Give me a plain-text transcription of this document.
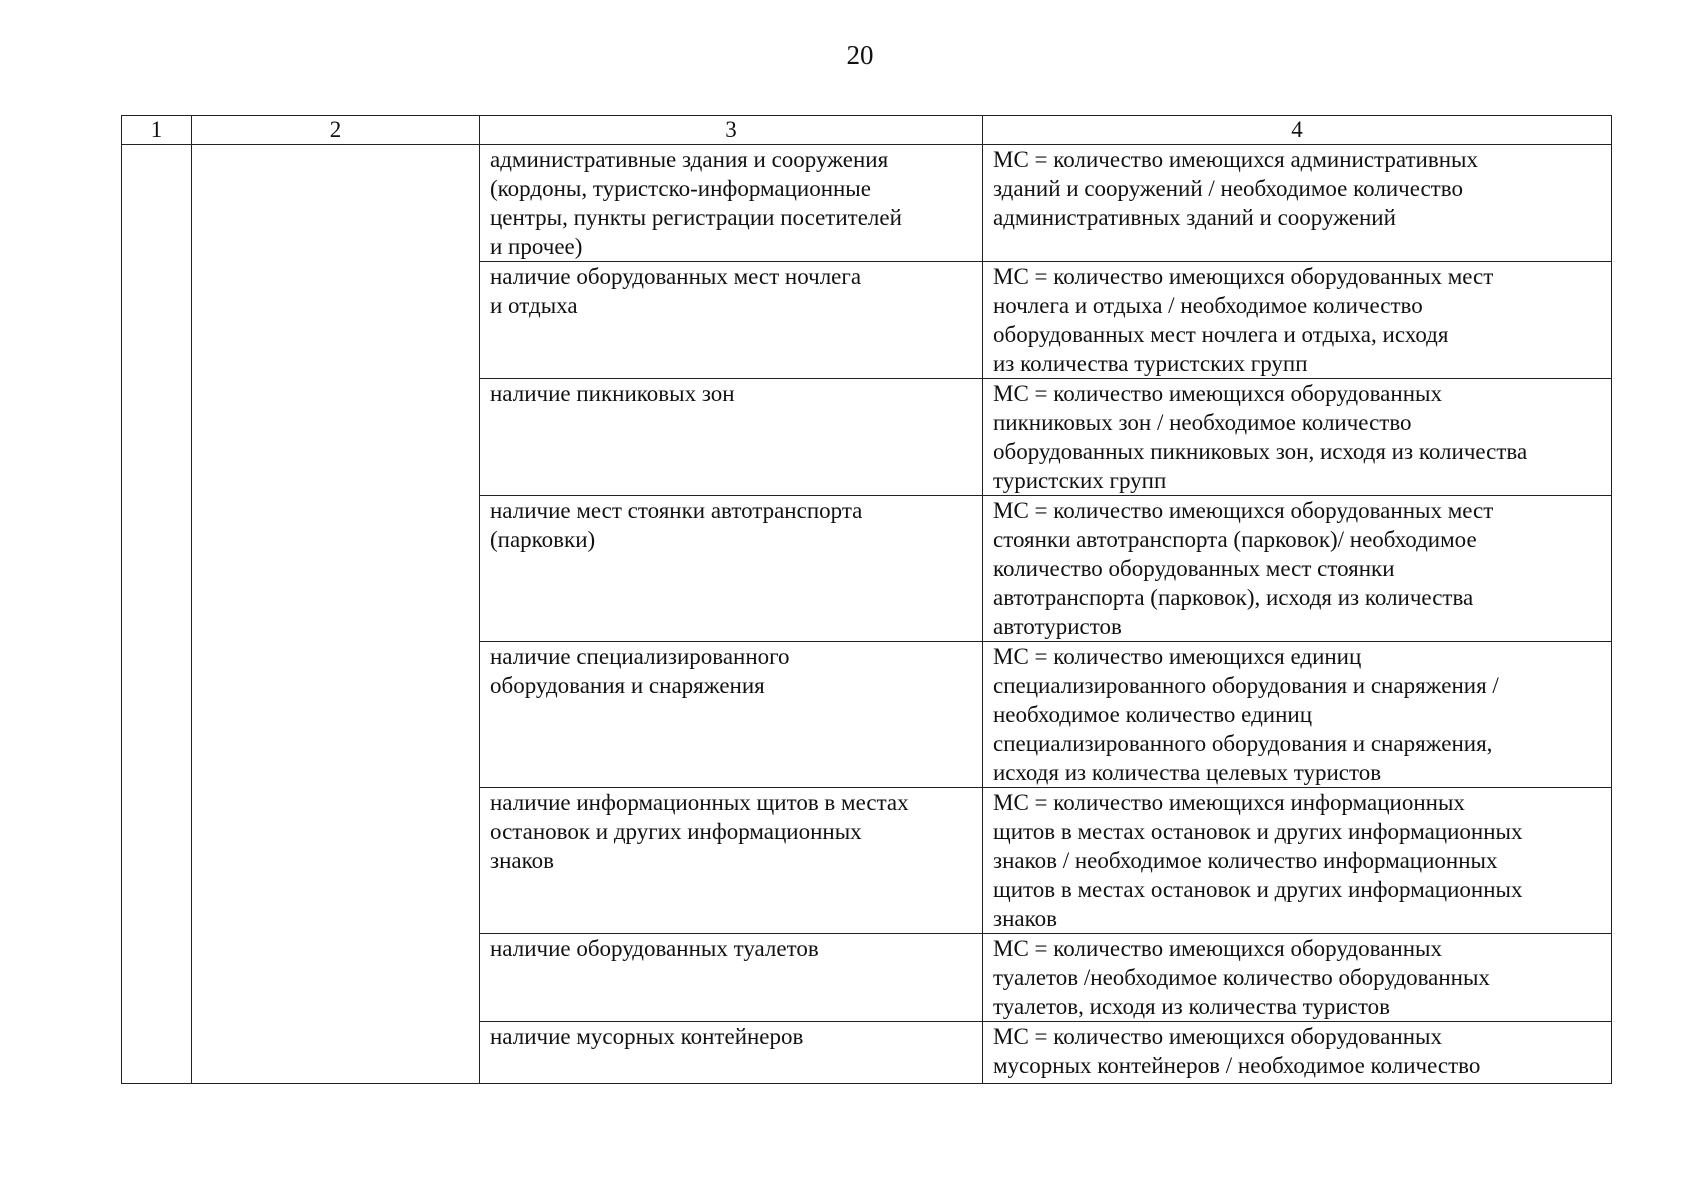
20
1	2	3	4

		административные здания и сооружения
(кордоны, туристско-информационные
центры, пункты регистрации посетителей
и прочее)	МС = количество имеющихся административных
зданий и сооружений / необходимое количество
административных зданий и сооружений

		наличие оборудованных мест ночлега
и отдыха	МС = количество имеющихся оборудованных мест
ночлега и отдыха / необходимое количество
оборудованных мест ночлега и отдыха, исходя
из количества туристских групп

		наличие пикниковых зон	МС = количество имеющихся оборудованных
пикниковых зон / необходимое количество
оборудованных пикниковых зон, исходя из количества
туристских групп

		наличие мест стоянки автотранспорта
(парковки)	МС = количество имеющихся оборудованных мест
стоянки автотранспорта (парковок)/ необходимое
количество оборудованных мест стоянки
автотранспорта (парковок), исходя из количества
автотуристов

		наличие специализированного
оборудования и снаряжения	МС = количество имеющихся единиц
специализированного оборудования и снаряжения /
необходимое количество единиц
специализированного оборудования и снаряжения,
исходя из количества целевых туристов

		наличие информационных щитов в местах
остановок и других информационных
знаков	МС = количество имеющихся информационных
щитов в местах остановок и других информационных
знаков / необходимое количество информационных
щитов в местах остановок и других информационных
знаков

		наличие оборудованных туалетов	МС = количество имеющихся оборудованных
туалетов /необходимое количество оборудованных
туалетов, исходя из количества туристов

		наличие мусорных контейнеров	МС = количество имеющихся оборудованных
мусорных контейнеров / необходимое количество
